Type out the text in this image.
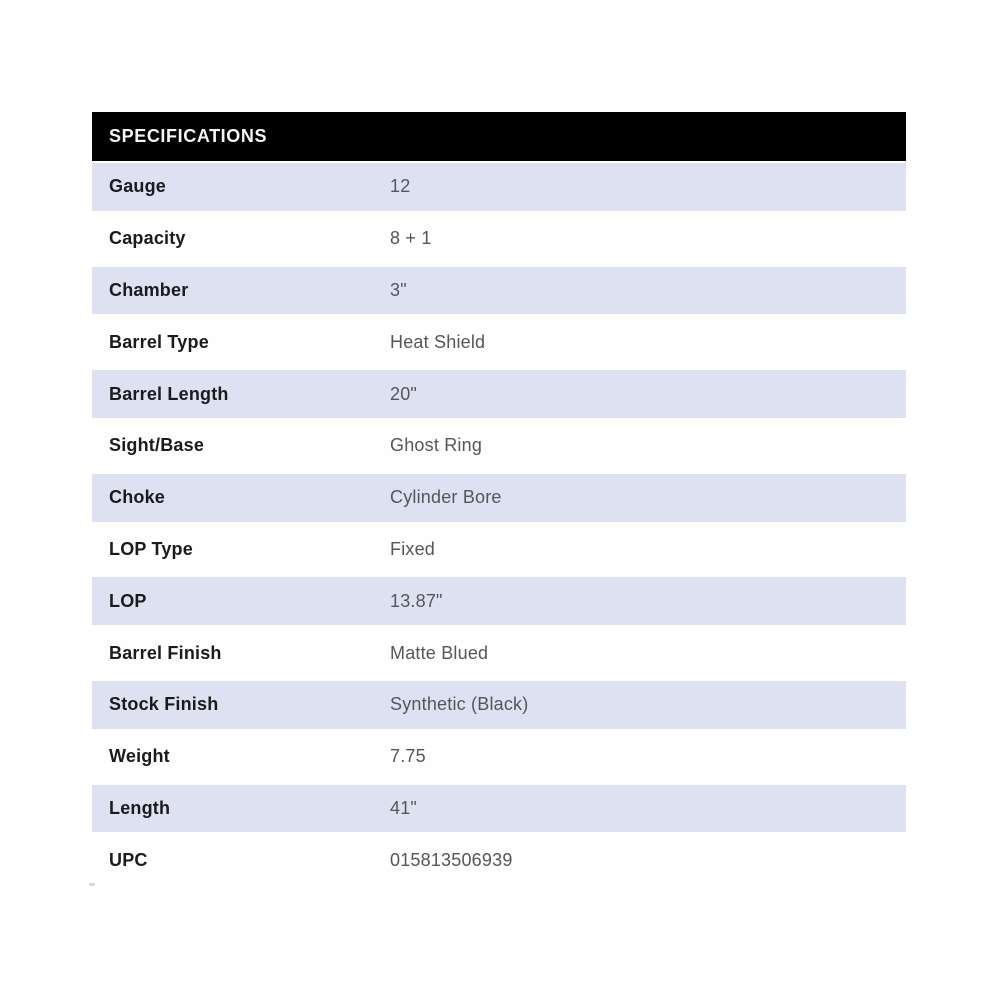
SPECIFICATIONS
Gauge	12
Capacity	8 + 1
Chamber	3"
Barrel Type	Heat Shield
Barrel Length	20"
Sight/Base	Ghost Ring
Choke	Cylinder Bore
LOP Type	Fixed
LOP	13.87"
Barrel Finish	Matte Blued
Stock Finish	Synthetic (Black)
Weight	7.75
Length	41"
UPC	015813506939
